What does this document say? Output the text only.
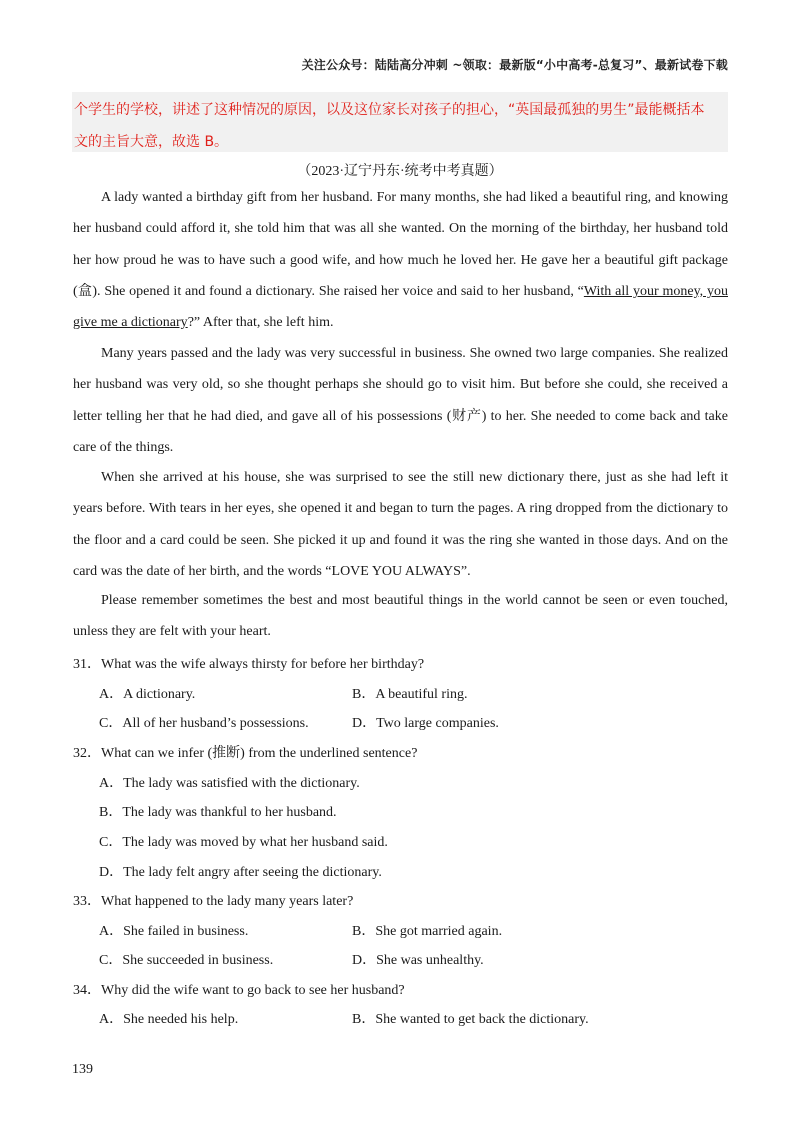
关注公众号：陆陆高分冲刺 ~领取：最新版“小中高考-总复习”、最新试卷下载
个学生的学校，讲述了这种情况的原因，以及这位家长对孩子的担心，“英国最孤独的男生”最能概括本
文的主旨大意，故选 B。
（2023·辽宁丹东·统考中考真题）

A lady wanted a birthday gift from her husband. For many months, she had liked a beautiful ring, and knowing her husband could afford it, she told him that was all she wanted. On the morning of the birthday, her husband told her how proud he was to have such a good wife, and how much he loved her. He gave her a beautiful gift package (盒). She opened it and found a dictionary. She raised her voice and said to her husband, “With all your money, you give me a dictionary?” After that, she left him.

Many years passed and the lady was very successful in business. She owned two large companies. She realized her husband was very old, so she thought perhaps she should go to visit him. But before she could, she received a letter telling her that he had died, and gave all of his possessions (财产) to her. She needed to come back and take care of the things.

When she arrived at his house, she was surprised to see the still new dictionary there, just as she had left it years before. With tears in her eyes, she opened it and began to turn the pages. A ring dropped from the dictionary to the floor and a card could be seen. She picked it up and found it was the ring she wanted in those days. And on the card was the date of her birth, and the words “LOVE YOU ALWAYS”.

Please remember sometimes the best and most beautiful things in the world cannot be seen or even touched, unless they are felt with your heart.

31．What was the wife always thirsty for before her birthday?
A．A dictionary.	B．A beautiful ring.
C．All of her husband’s possessions.	D．Two large companies.
32．What can we infer (推断) from the underlined sentence?
A．The lady was satisfied with the dictionary.
B．The lady was thankful to her husband.
C．The lady was moved by what her husband said.
D．The lady felt angry after seeing the dictionary.
33．What happened to the lady many years later?
A．She failed in business.	B．She got married again.
C．She succeeded in business.	D．She was unhealthy.
34．Why did the wife want to go back to see her husband?
A．She needed his help.	B．She wanted to get back the dictionary.
139
